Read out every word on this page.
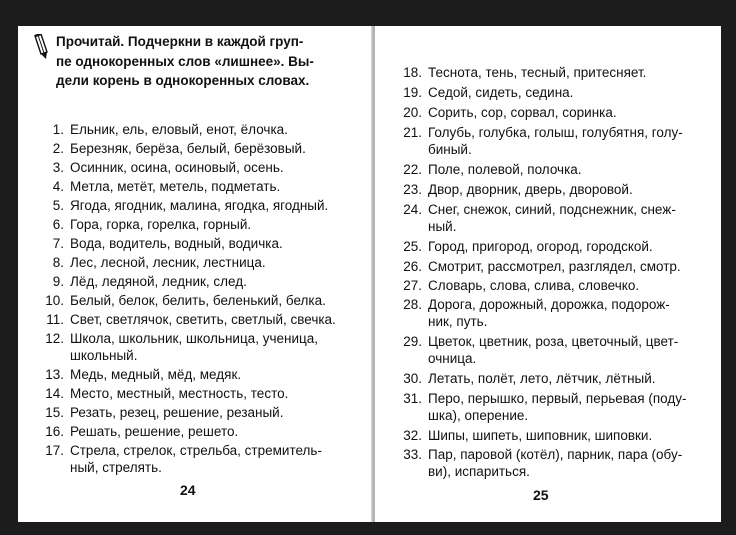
Прочитай. Подчеркни в каждой груп-
пе однокоренных слов «лишнее». Вы-
дели корень в однокоренных словах.
1. Ельник, ель, еловый, енот, ёлочка.
2. Березняк, берёза, белый, берёзовый.
3. Осинник, осина, осиновый, осень.
4. Метла, метёт, метель, подметать.
5. Ягода, ягодник, малина, ягодка, ягодный.
6. Гора, горка, горелка, горный.
7. Вода, водитель, водный, водичка.
8. Лес, лесной, лесник, лестница.
9. Лёд, ледяной, ледник, след.
10. Белый, белок, белить, беленький, белка.
11. Свет, светлячок, светить, светлый, свечка.
12. Школа, школьник, школьница, ученица,
школьный.
13. Медь, медный, мёд, медяк.
14. Место, местный, местность, тесто.
15. Резать, резец, решение, резаный.
16. Решать, решение, решето.
17. Стрела, стрелок, стрельба, стремитель-
ный, стрелять.
24
18. Теснота, тень, тесный, притесняет.
19. Седой, сидеть, седина.
20. Сорить, сор, сорвал, соринка.
21. Голубь, голубка, голыш, голубятня, голу-
биный.
22. Поле, полевой, полочка.
23. Двор, дворник, дверь, дворовой.
24. Снег, снежок, синий, подснежник, снеж-
ный.
25. Город, пригород, огород, городской.
26. Смотрит, рассмотрел, разглядел, смотр.
27. Словарь, слова, слива, словечко.
28. Дорога, дорожный, дорожка, подорож-
ник, путь.
29. Цветок, цветник, роза, цветочный, цвет-
очница.
30. Летать, полёт, лето, лётчик, лётный.
31. Перо, перышко, первый, перьевая (поду-
шка), оперение.
32. Шипы, шипеть, шиповник, шиповки.
33. Пар, паровой (котёл), парник, пара (обу-
ви), испариться.
25
